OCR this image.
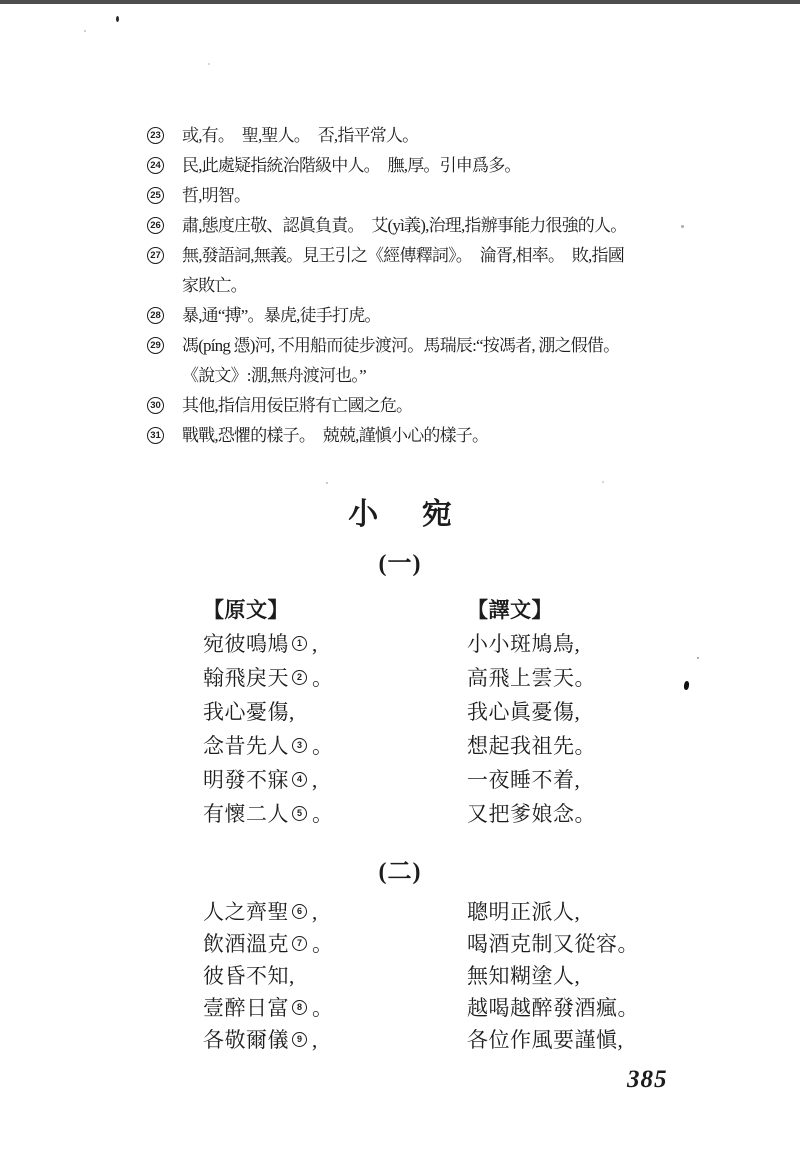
23 或,有。　聖,聖人。　否,指平常人。
24 民,此處疑指統治階級中人。　膴,厚。引申爲多。
25 哲,明智。
26 肅,態度庄敬、認眞負責。　艾(yì義),治理,指辦事能力很強的人。
27 無,發語詞,無義。見王引之《經傳釋詞》。　淪胥,相率。　敗,指國
家敗亡。
28 暴,通“搏”。暴虎,徒手打虎。
29 馮(píng 憑)河, 不用船而徒步渡河。馬瑞辰:“按馮者, 淜之假借。
《說文》:淜,無舟渡河也。”
30 其他,指信用佞臣將有亡國之危。
31 戰戰,恐懼的樣子。　兢兢,謹愼小心的樣子。
小宛
(一)
【原文】
宛彼鳴鳩 1 ,
翰飛戾天 2 。
我心憂傷,
念昔先人 3 。
明發不寐 4 ,
有懷二人 5 。
【譯文】
小小斑鳩鳥,
高飛上雲天。
我心眞憂傷,
想起我祖先。
一夜睡不着,
又把爹娘念。
(二)
人之齊聖 6 ,
飲酒溫克 7 。
彼昏不知,
壹醉日富 8 。
各敬爾儀 9 ,
聰明正派人,
喝酒克制又從容。
無知糊塗人,
越喝越醉發酒瘋。
各位作風要謹愼,
385
